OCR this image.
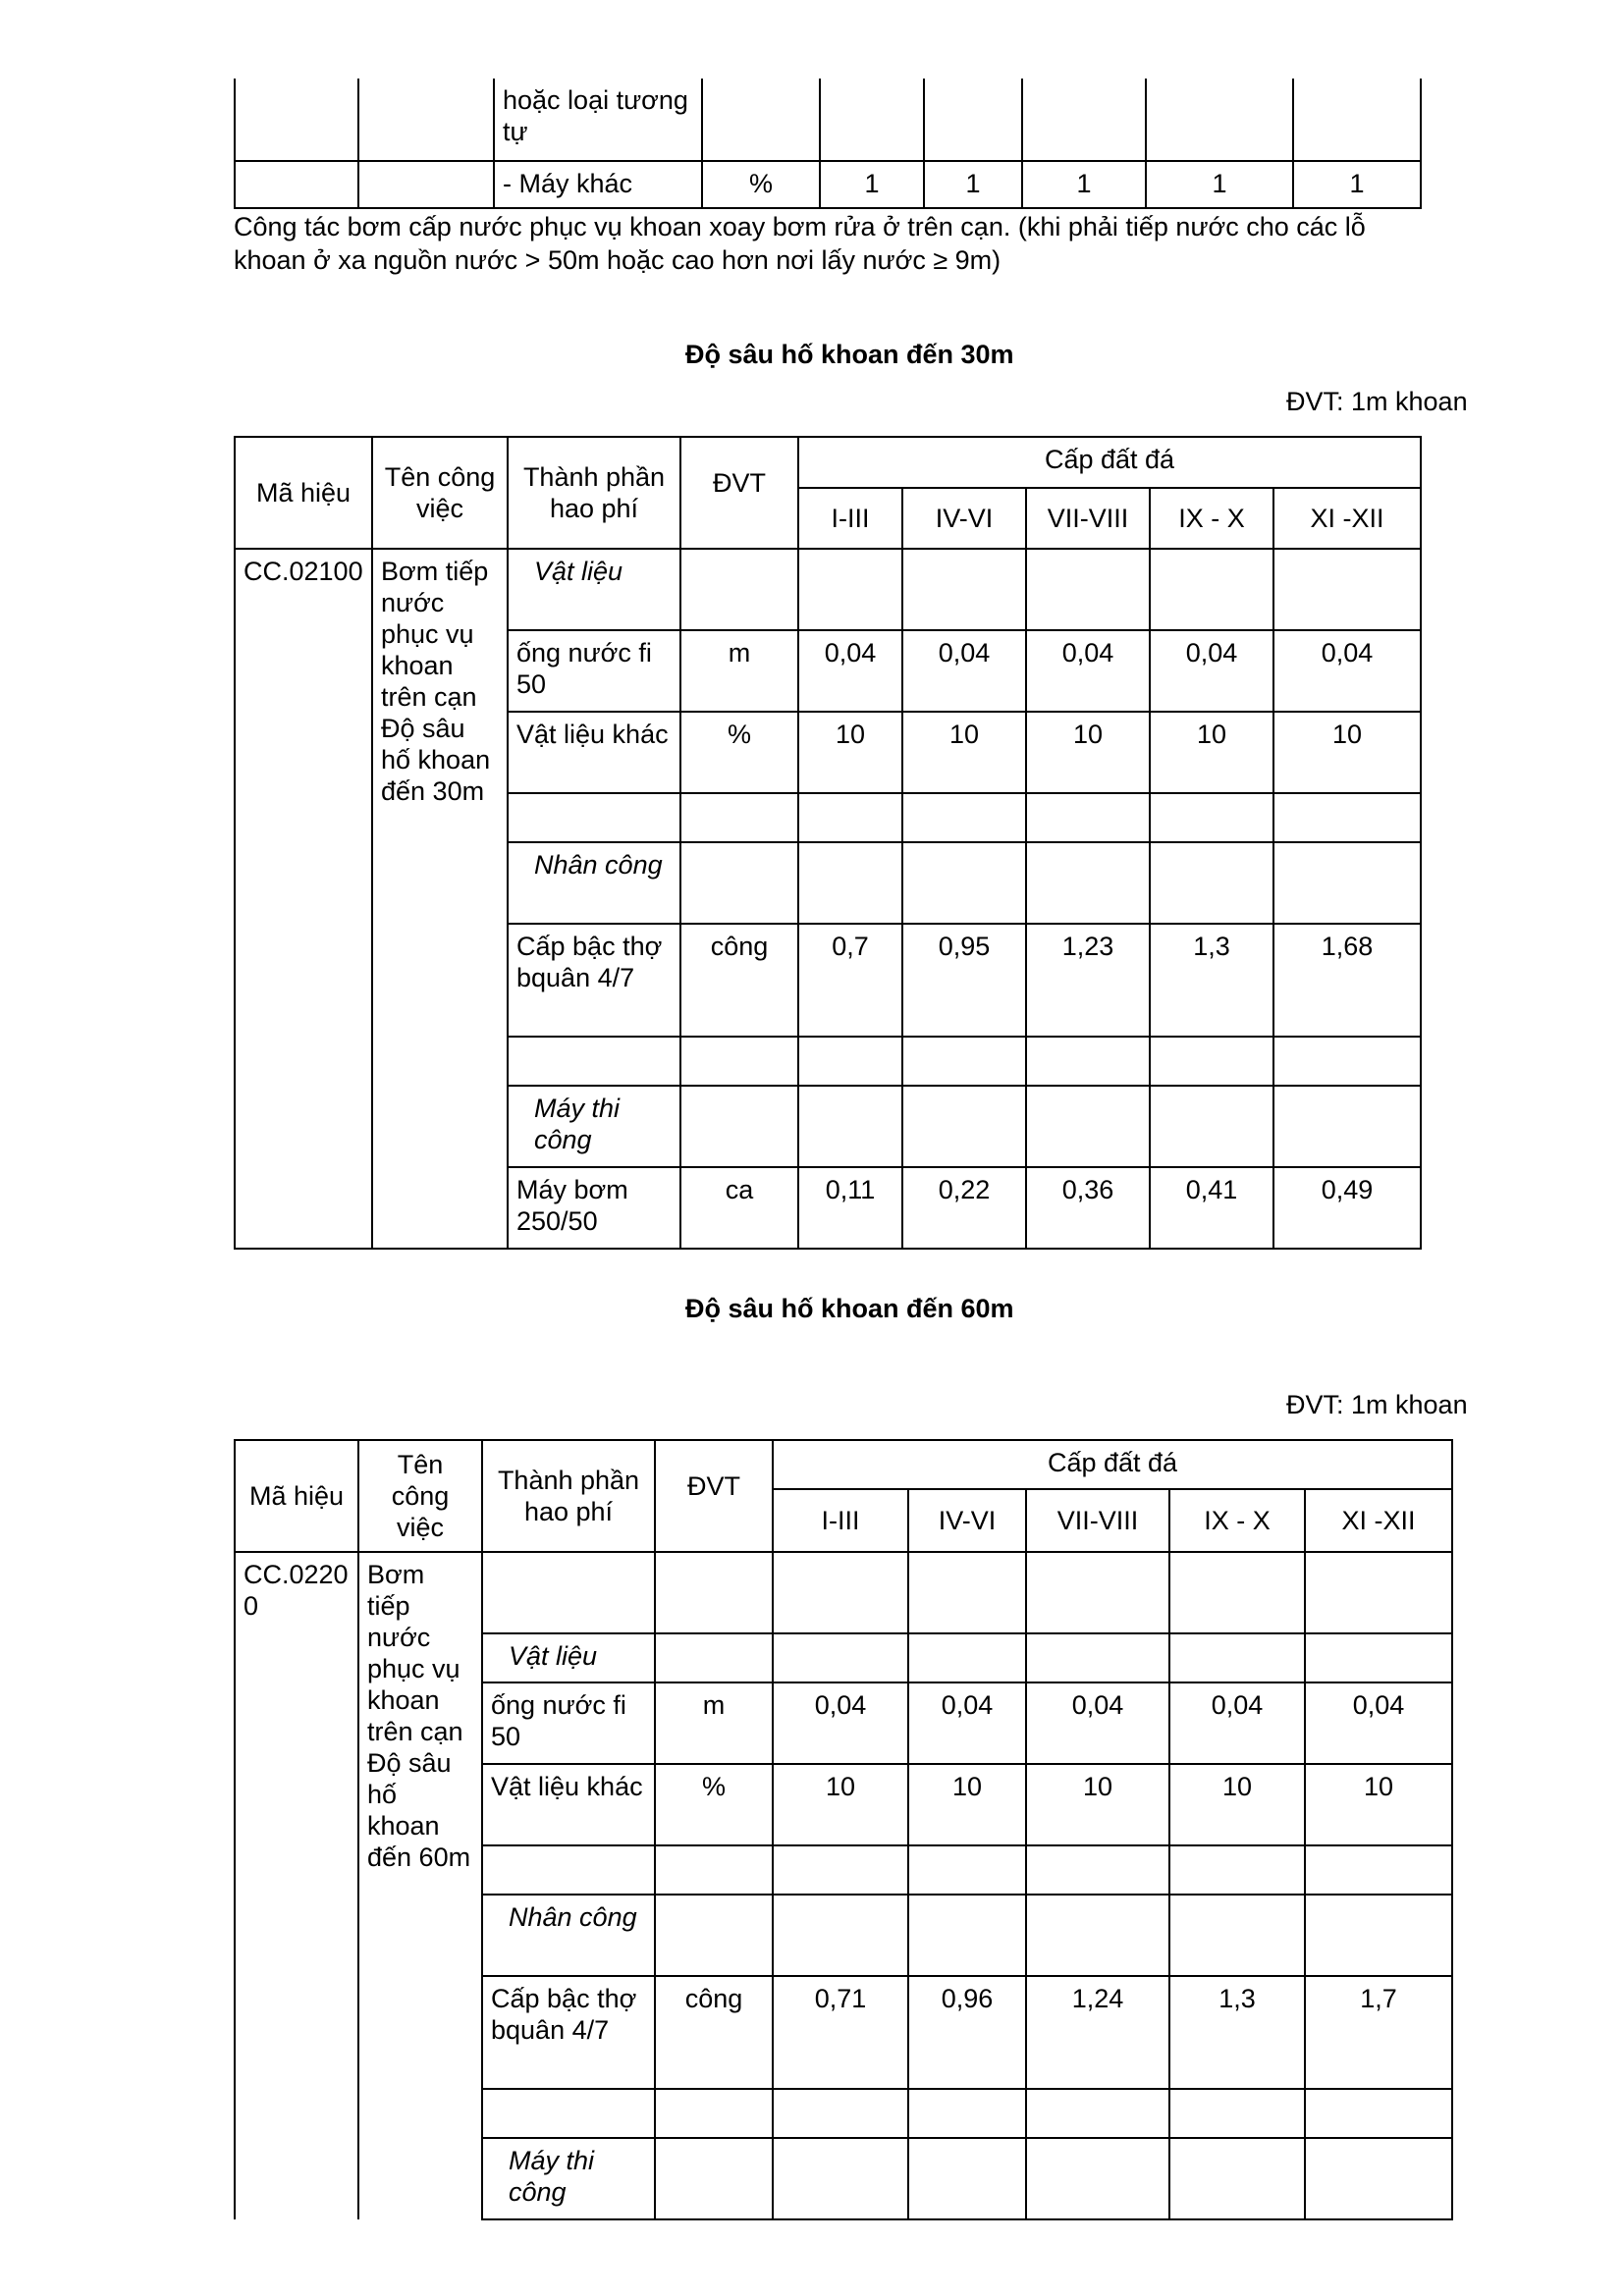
		hoặc loại tương tự						
		- Máy khác	%	1	1	1	1	1
Công tác bơm cấp nước phục vụ khoan xoay bơm rửa ở trên cạn. (khi phải tiếp nước cho các lỗ khoan ở xa nguồn nước > 50m hoặc cao hơn nơi lấy nước ≥ 9m)
Độ sâu hố khoan đến 30m
ĐVT: 1m khoan
Mã hiệu	Tên công việc	Thành phần hao phí	ĐVT	Cấp đất đá				
				I-III	IV-VI	VII-VIII	IX - X	XI -XII
CC.02100	Bơm tiếp nước phục vụ khoan trên cạn Độ sâu hố khoan đến 30m	Vật liệu						
		ống nước fi 50	m	0,04	0,04	0,04	0,04	0,04
		Vật liệu khác	%	10	10	10	10	10

		Nhân công						
		Cấp bậc thợ bquân 4/7	công	0,7	0,95	1,23	1,3	1,68

		Máy thi công						
		Máy bơm 250/50	ca	0,11	0,22	0,36	0,41	0,49
Độ sâu hố khoan đến 60m
ĐVT: 1m khoan
Mã hiệu	Tên công việc	Thành phần hao phí	ĐVT	Cấp đất đá				
				I-III	IV-VI	VII-VIII	IX - X	XI -XII
CC.02200	Bơm tiếp nước phục vụ khoan trên cạn Độ sâu hố khoan đến 60m							
		Vật liệu						
		ống nước fi 50	m	0,04	0,04	0,04	0,04	0,04
		Vật liệu khác	%	10	10	10	10	10

		Nhân công						
		Cấp bậc thợ bquân 4/7	công	0,71	0,96	1,24	1,3	1,7

		Máy thi công						
